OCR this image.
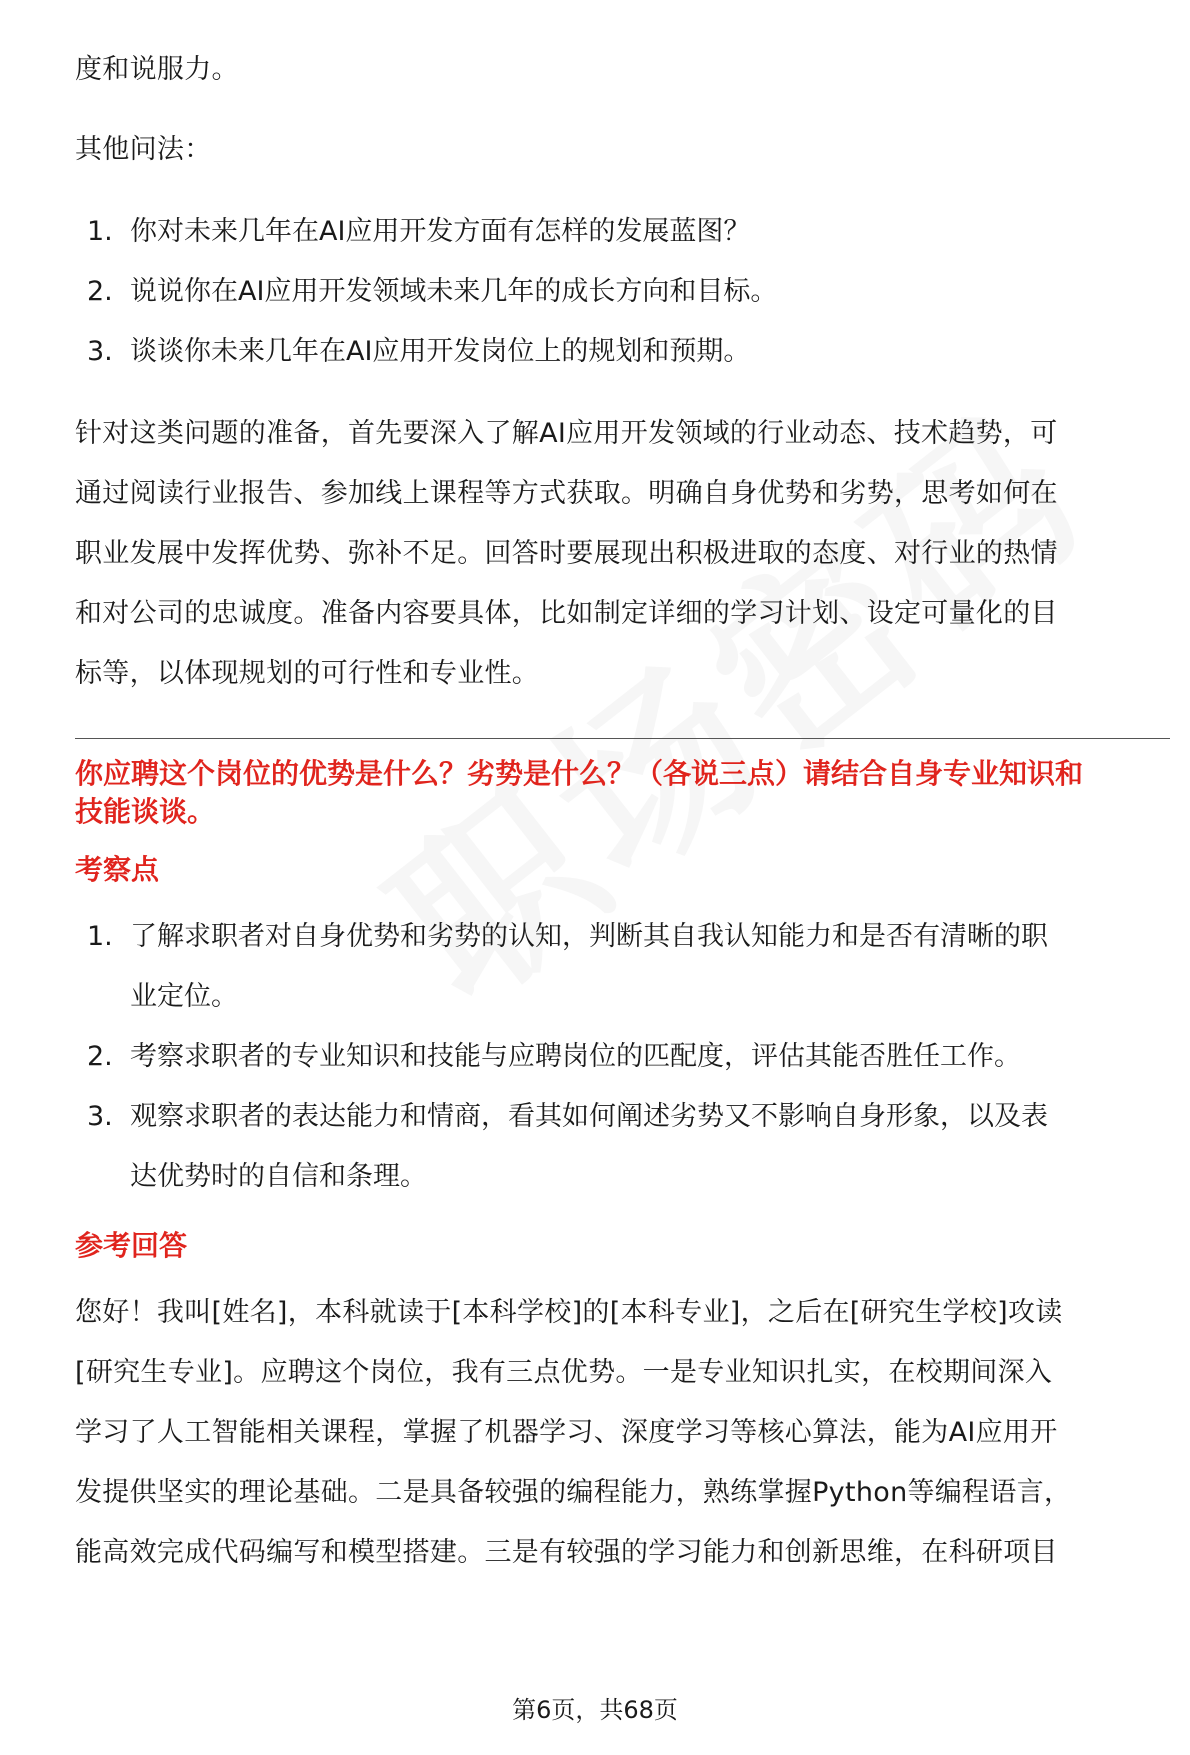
度和说服力。

其他问法：

1. 你对未来几年在AI应用开发方面有怎样的发展蓝图？
2. 说说你在AI应用开发领域未来几年的成长方向和目标。
3. 谈谈你未来几年在AI应用开发岗位上的规划和预期。

针对这类问题的准备，首先要深入了解AI应用开发领域的行业动态、技术趋势，可

通过阅读行业报告、参加线上课程等方式获取。明确自身优势和劣势，思考如何在

职业发展中发挥优势、弥补不足。回答时要展现出积极进取的态度、对行业的热情

和对公司的忠诚度。准备内容要具体，比如制定详细的学习计划、设定可量化的目

标等，以体现规划的可行性和专业性。

你应聘这个岗位的优势是什么？劣势是什么？（各说三点）请结合自身专业知识和

技能谈谈。

考察点

1. 了解求职者对自身优势和劣势的认知，判断其自我认知能力和是否有清晰的职
业定位。
2. 考察求职者的专业知识和技能与应聘岗位的匹配度，评估其能否胜任工作。
3. 观察求职者的表达能力和情商，看其如何阐述劣势又不影响自身形象，以及表
达优势时的自信和条理。

参考回答

您好！我叫[姓名]，本科就读于[本科学校]的[本科专业]，之后在[研究生学校]攻读

[研究生专业]。应聘这个岗位，我有三点优势。一是专业知识扎实，在校期间深入

学习了人工智能相关课程，掌握了机器学习、深度学习等核心算法，能为AI应用开

发提供坚实的理论基础。二是具备较强的编程能力，熟练掌握Python等编程语言，

能高效完成代码编写和模型搭建。三是有较强的学习能力和创新思维，在科研项目

第6页，共68页
